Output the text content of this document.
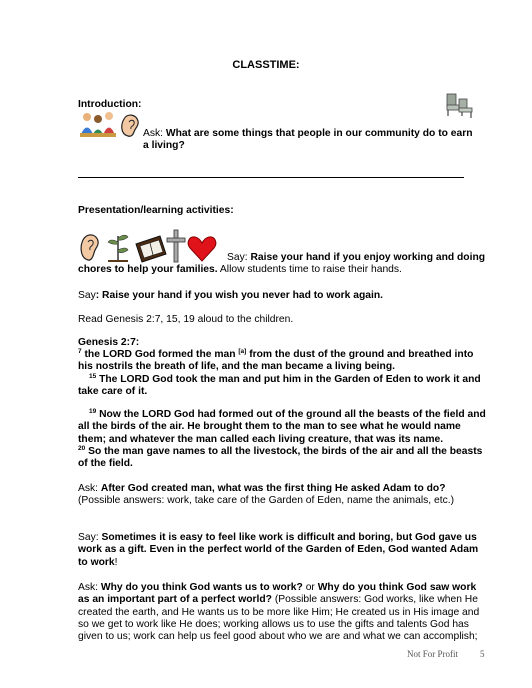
CLASSTIME:
Introduction:
Ask: What are some things that people in our community do to earn a living?
Presentation/learning activities:
Say: Raise your hand if you enjoy working and doing chores to help your families. Allow students time to raise their hands.
Say: Raise your hand if you wish you never had to work again.
Read Genesis 2:7, 15, 19 aloud to the children.
Genesis 2:7:
$^7$ the LORD God formed the man [a] from the dust of the ground and breathed into his nostrils the breath of life, and the man became a living being.
$^{15}$ The LORD God took the man and put him in the Garden of Eden to work it and take care of it.
$^{19}$ Now the LORD God had formed out of the ground all the beasts of the field and all the birds of the air. He brought them to the man to see what he would name them; and whatever the man called each living creature, that was its name.
$^{20}$ So the man gave names to all the livestock, the birds of the air and all the beasts of the field.
Ask: After God created man, what was the first thing He asked Adam to do? (Possible answers: work, take care of the Garden of Eden, name the animals, etc.)
Say: Sometimes it is easy to feel like work is difficult and boring, but God gave us work as a gift. Even in the perfect world of the Garden of Eden, God wanted Adam to work!
Ask: Why do you think God wants us to work? or Why do you think God saw work as an important part of a perfect world? (Possible answers: God works, like when He created the earth, and He wants us to be more like Him; He created us in His image and so we get to work like He does; working allows us to use the gifts and talents God has given to us; work can help us feel good about who we are and what we can accomplish;
Not For Profit 5
